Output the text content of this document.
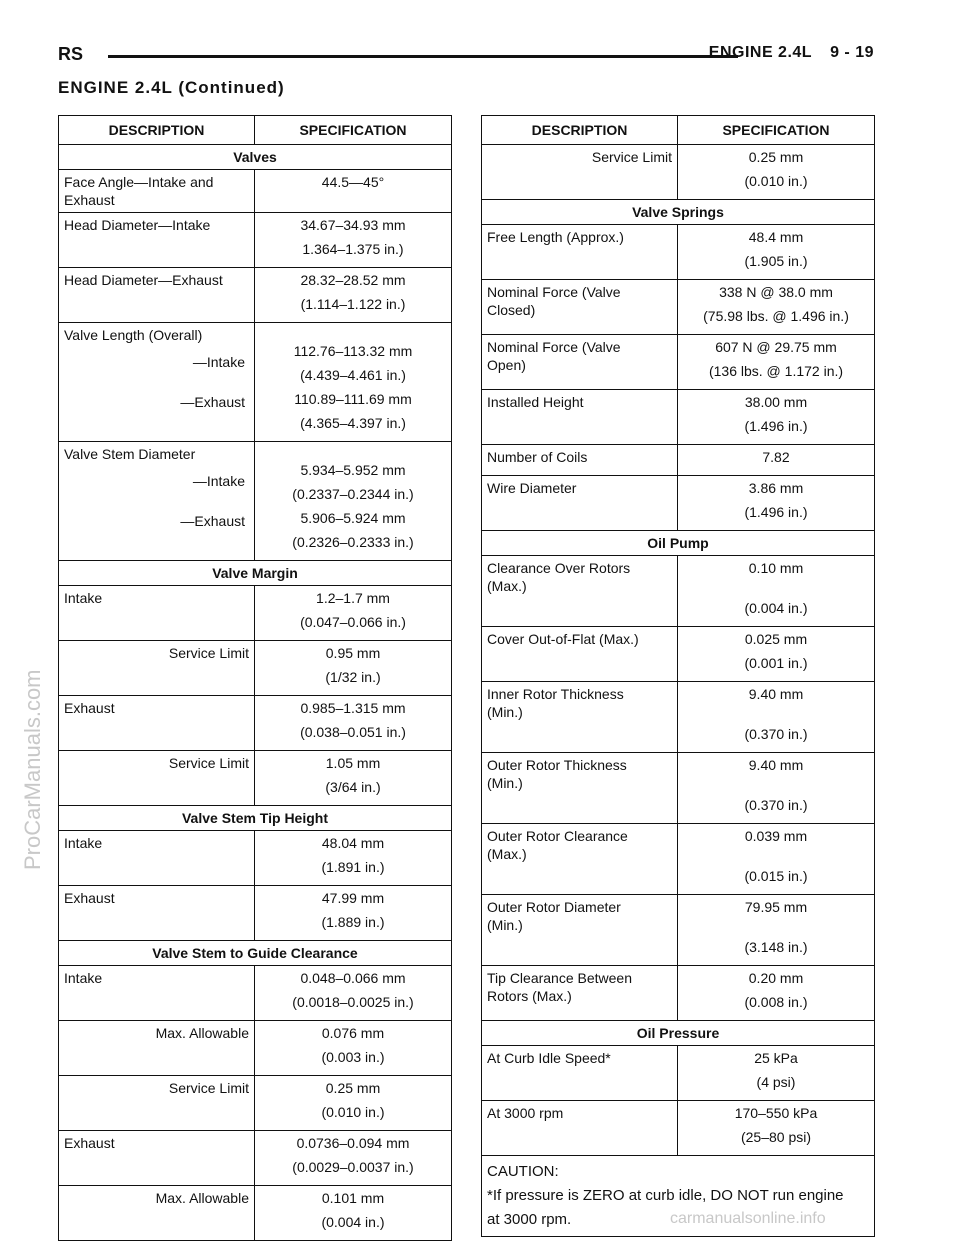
RS	ENGINE 2.4L 9 - 19
ENGINE 2.4L (Continued)
ProCarManuals.com
carmanualsonline.info
DESCRIPTION	SPECIFICATION
Valves	

Face Angle—Intake and
Exhaust	44.5—45°

Head Diameter—Intake	34.67–34.93 mm
1.364–1.375 in.)

Head Diameter—Exhaust	28.32–28.52 mm
(1.114–1.122 in.)

Valve Length (Overall)
—Intake
—Exhaust	112.76–113.32 mm
(4.439–4.461 in.)
110.89–111.69 mm
(4.365–4.397 in.)

Valve Stem Diameter
—Intake
—Exhaust	5.934–5.952 mm
(0.2337–0.2344 in.)
5.906–5.924 mm
(0.2326–0.2333 in.)

Valve Margin	

Intake	1.2–1.7 mm
(0.047–0.066 in.)

Service Limit	0.95 mm
(1/32 in.)

Exhaust	0.985–1.315 mm
(0.038–0.051 in.)

Service Limit	1.05 mm
(3/64 in.)

Valve Stem Tip Height	

Intake	48.04 mm
(1.891 in.)

Exhaust	47.99 mm
(1.889 in.)

Valve Stem to Guide Clearance	

Intake	0.048–0.066 mm
(0.0018–0.0025 in.)

Max. Allowable	0.076 mm
(0.003 in.)

Service Limit	0.25 mm
(0.010 in.)

Exhaust	0.0736–0.094 mm
(0.0029–0.0037 in.)

Max. Allowable	0.101 mm
(0.004 in.)
DESCRIPTION	SPECIFICATION

Service Limit	0.25 mm
(0.010 in.)

Valve Springs	

Free Length (Approx.)	48.4 mm
(1.905 in.)

Nominal Force (Valve
Closed)	338 N @ 38.0 mm
(75.98 lbs. @ 1.496 in.)

Nominal Force (Valve
Open)	607 N @ 29.75 mm
(136 lbs. @ 1.172 in.)

Installed Height	38.00 mm
(1.496 in.)

Number of Coils	7.82

Wire Diameter	3.86 mm
(1.496 in.)

Oil Pump	

Clearance Over Rotors
(Max.)	0.10 mm
(0.004 in.)

Cover Out-of-Flat (Max.)	0.025 mm
(0.001 in.)

Inner Rotor Thickness
(Min.)	9.40 mm
(0.370 in.)

Outer Rotor Thickness
(Min.)	9.40 mm
(0.370 in.)

Outer Rotor Clearance
(Max.)	0.039 mm
(0.015 in.)

Outer Rotor Diameter
(Min.)	79.95 mm
(3.148 in.)

Tip Clearance Between
Rotors (Max.)	0.20 mm
(0.008 in.)

Oil Pressure	

At Curb Idle Speed*	25 kPa
(4 psi)

At 3000 rpm	170–550 kPa
(25–80 psi)

CAUTION:
*If pressure is ZERO at curb idle, DO NOT run engine
at 3000 rpm.	
